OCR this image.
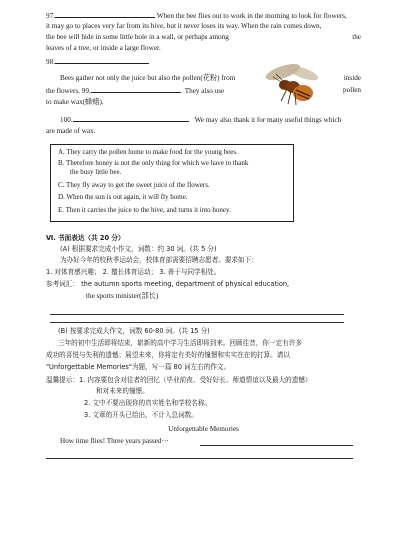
97.	When the bee flies out to work in the morning to look for flowers,
it may go to places very far from its hive, but it never loses its way. When the rain comes down,
the bee will hide in some little hole in a wall, or perhaps among	the
leaves of a tree, or inside a large flower.
98.
Bees gather not only the juice but also the pollen(花粉) from	inside
the flowers. 99.	They also use	pollen
to make wax(蜂蜡).
100.	We may also thank it for many useful things which
are made of wax.
A. They carry the pollen home to make food for the young bees.
B. Therefore honey is not the only thing for which we have to thank
the busy little bee.
C. They fly away to get the sweet juice of the flowers.
D. When the sun is out again, it will fly home.
E. Then it carries the juice to the hive, and turns it into honey.
Ⅵ. 书面表达（共 20 分）
(A) 根据要求完成小作文，词数：约 30 词。(共 5 分)
为办好今年的校秋季运动会，校体育部需要招聘志愿者。要求如下：
1. 对体育感兴趣； 2. 擅长体育运动； 3. 善于与同学相处。
参考词汇： the autumn sports meeting, department of physical education,
the sports minister(部长)
(B) 按要求完成大作文，词数 60-80 词。(共 15 分)
三年的初中生活即将结束，崭新的高中学习生活即将到来。回顾往昔，你一定有许多
成功的喜悦与失利的遗憾；展望未来，你将定有美好的憧憬和实实在在的打算。请以
"Unforgettable Memories"为题，写一篇 80 词左右的作文。
温馨提示：1. 内容要包含对往者的回忆（毕业前夜、受好好长、师道情谊以及最大的遗憾）
和对未来的憧憬。
2. 文中不要出现你的真实姓名和学校名称。
3. 文章的开头已给出，不计入总词数。
Unforgettable Memories
How time flies! Three years passed···
